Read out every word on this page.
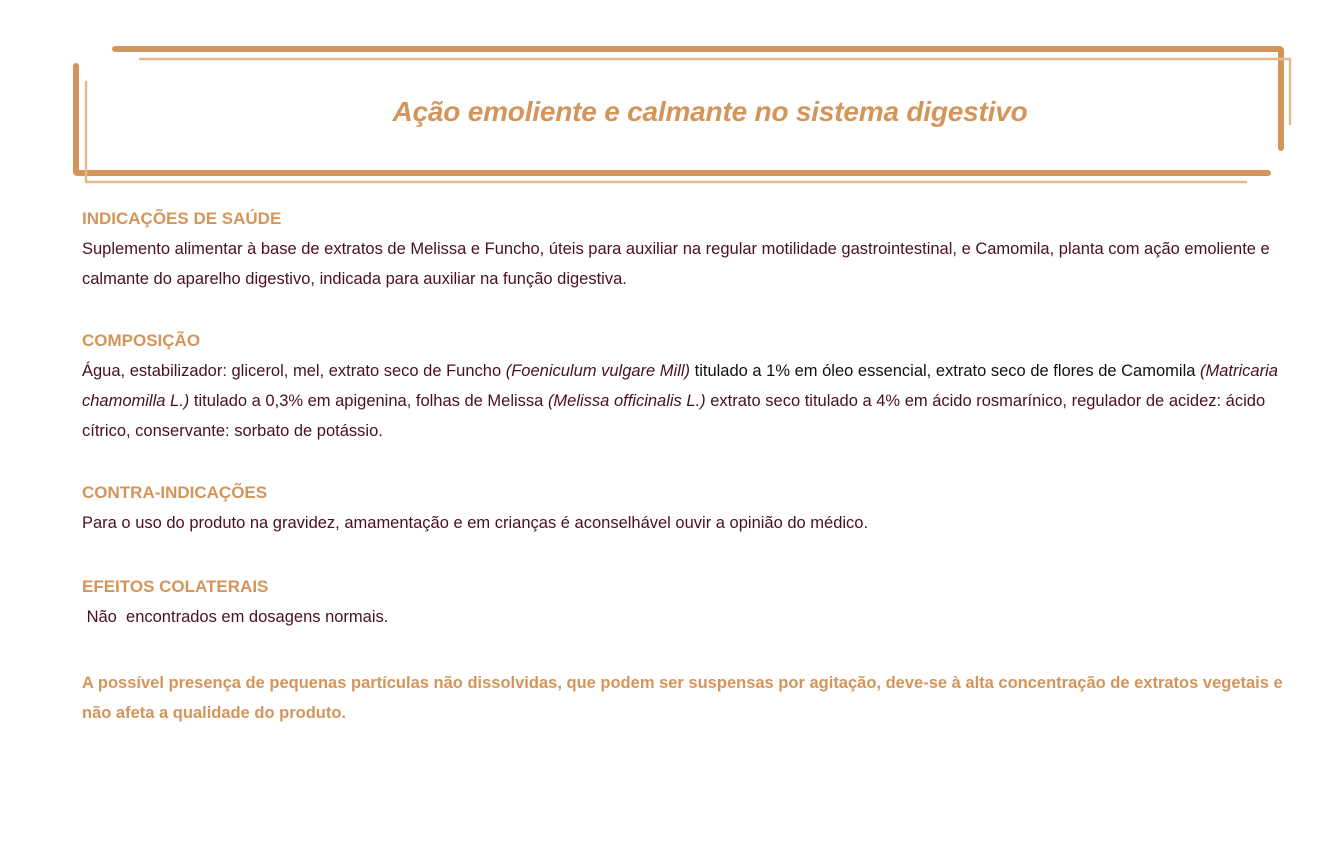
Ação emoliente e calmante no sistema digestivo
INDICAÇÕES DE SAÚDE

Suplemento alimentar à base de extratos de Melissa e Funcho, úteis para auxiliar na regular motilidade gastrointestinal, e Camomila, planta com ação emoliente e calmante do aparelho digestivo, indicada para auxiliar na função digestiva.

COMPOSIÇÃO

Água, estabilizador: glicerol, mel, extrato seco de Funcho (Foeniculum vulgare Mill) titulado a 1% em óleo essencial, extrato seco de flores de Camomila (Matricaria chamomilla L.) titulado a 0,3% em apigenina, folhas de Melissa (Melissa officinalis L.) extrato seco titulado a 4% em ácido rosmarínico, regulador de acidez: ácido cítrico, conservante: sorbato de potássio.

CONTRA-INDICAÇÕES

Para o uso do produto na gravidez, amamentação e em crianças é aconselhável ouvir a opinião do médico.

EFEITOS COLATERAIS

Não  encontrados em dosagens normais.

A possível presença de pequenas partículas não dissolvidas, que podem ser suspensas por agitação, deve-se à alta concentração de extratos vegetais e não afeta a qualidade do produto.
